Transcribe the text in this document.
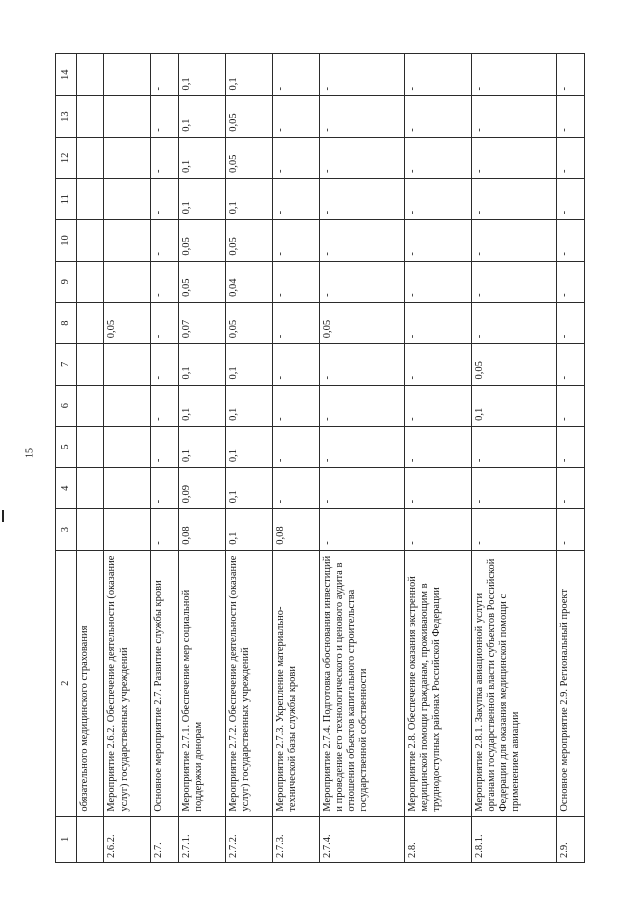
15
1	2	3	4	5	6	7	8	9	10	11	12	13	14
	обязательного медицинского страхования												
2.6.2.	Мероприятие 2.6.2. Обеспечение деятельности (оказание услуг) государственных учреждений						0,05						
2.7.	Основное мероприятие 2.7. Развитие службы крови	-	-	-	-	-	-	-	-	-	-	-	-
2.7.1.	Мероприятие 2.7.1. Обеспечение мер социальной поддержки донорам	0,08	0,09	0,1	0,1	0,1	0,07	0,05	0,05	0,1	0,1	0,1	0,1
2.7.2.	Мероприятие 2.7.2. Обеспечение деятельности (оказание услуг) государственных учреждений	0,1	0,1	0,1	0,1	0,1	0,05	0,04	0,05	0,1	0,05	0,05	0,1
2.7.3.	Мероприятие 2.7.3. Укрепление материально-технической базы службы крови	0,08	-	-	-	-	-	-	-	-	-	-	-
2.7.4.	Мероприятие 2.7.4. Подготовка обоснования инвестиций и проведение его технологического и ценового аудита в отношении объектов капитального строительства государственной собственности	-	-	-	-	-	0,05	-	-	-	-	-	-
2.8.	Мероприятие 2.8. Обеспечение оказания экстренной медицинской помощи гражданам, проживающим в труднодоступных районах Российской Федерации	-	-	-	-	-	-	-	-	-	-	-	-
2.8.1.	Мероприятие 2.8.1. Закупка авиационной услуги органами государственной власти субъектов Российской Федерации для оказания медицинской помощи с применением авиации	-	-	-	0,1	0,05	-	-	-	-	-	-	-
2.9.	Основное мероприятие 2.9. Региональный проект	-	-	-	-	-	-	-	-	-	-	-	-
